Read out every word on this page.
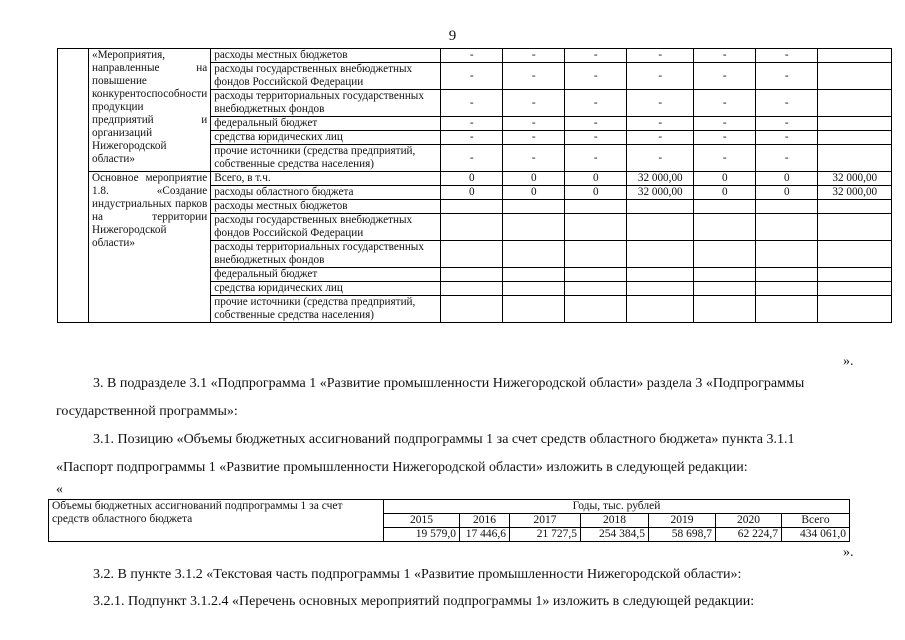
9
	«Мероприятия, направленные на повышение конкурентоспособности продукции предприятий и организаций Нижегородской области»	расходы местных бюджетов	-	-	-	-	-	-	
		расходы государственных внебюджетных фондов Российской Федерации	-	-	-	-	-	-	
		расходы территориальных государственных внебюджетных фондов	-	-	-	-	-	-	
		федеральный бюджет	-	-	-	-	-	-	
		средства юридических лиц	-	-	-	-	-	-	
		прочие источники (средства предприятий, собственные средства населения)	-	-	-	-	-	-	
	Основное мероприятие 1.8. «Создание индустриальных парков на территории Нижегородской области»	Всего, в т.ч.	0	0	0	32 000,00	0	0	32 000,00
		расходы областного бюджета	0	0	0	32 000,00	0	0	32 000,00
		расходы местных бюджетов							
		расходы государственных внебюджетных фондов Российской Федерации							
		расходы территориальных государственных внебюджетных фондов							
		федеральный бюджет							
		средства юридических лиц							
		прочие источники (средства предприятий, собственные средства населения)							
».
3. В подразделе 3.1 «Подпрограмма 1 «Развитие промышленности Нижегородской области» раздела 3 «Подпрограммы
государственной программы»:
3.1. Позицию «Объемы бюджетных ассигнований подпрограммы 1 за счет средств областного бюджета» пункта 3.1.1
«Паспорт подпрограммы 1 «Развитие промышленности Нижегородской области» изложить в следующей редакции:
«
Объемы бюджетных ассигнований подпрограммы 1 за счет средств областного бюджета	Годы, тыс. рублей						
	2015	2016	2017	2018	2019	2020	Всего
	19 579,0	17 446,6	21 727,5	254 384,5	58 698,7	62 224,7	434 061,0
».
3.2. В пункте 3.1.2 «Текстовая часть подпрограммы 1 «Развитие промышленности Нижегородской области»:
3.2.1. Подпункт 3.1.2.4 «Перечень основных мероприятий подпрограммы 1» изложить в следующей редакции:
